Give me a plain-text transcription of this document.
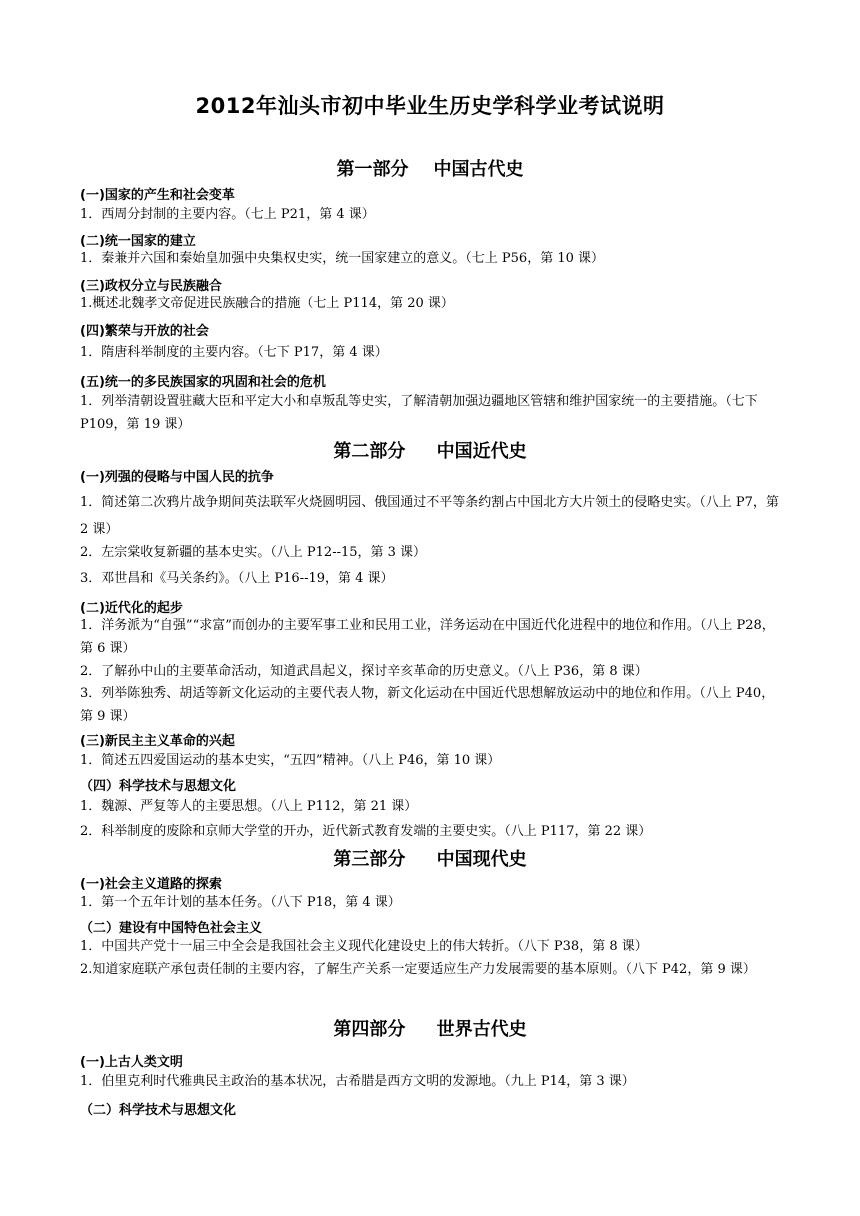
2012年汕头市初中毕业生历史学科学业考试说明
第一部分    中国古代史
(一)国家的产生和社会变革
1．西周分封制的主要内容。（七上 P21，第 4 课）
(二)统一国家的建立
1．秦兼并六国和秦始皇加强中央集权史实，统一国家建立的意义。（七上 P56，第 10 课）
(三)政权分立与民族融合
1.概述北魏孝文帝促进民族融合的措施（七上 P114，第 20 课）
(四)繁荣与开放的社会
1．隋唐科举制度的主要内容。（七下 P17，第 4 课）
(五)统一的多民族国家的巩固和社会的危机
1．列举清朝设置驻藏大臣和平定大小和卓叛乱等史实，了解清朝加强边疆地区管辖和维护国家统一的主要措施。（七下 P109，第 19 课）
第二部分     中国近代史
(一)列强的侵略与中国人民的抗争
1．简述第二次鸦片战争期间英法联军火烧圆明园、俄国通过不平等条约割占中国北方大片领土的侵略史实。（八上 P7，第 2 课）
2．左宗棠收复新疆的基本史实。（八上 P12--15，第 3 课）
3．邓世昌和《马关条约》。（八上 P16--19，第 4 课）
(二)近代化的起步
1．洋务派为“自强”“求富”而创办的主要军事工业和民用工业，洋务运动在中国近代化进程中的地位和作用。（八上 P28，第 6 课）
2．了解孙中山的主要革命活动，知道武昌起义，探讨辛亥革命的历史意义。（八上 P36，第 8 课）
3．列举陈独秀、胡适等新文化运动的主要代表人物，新文化运动在中国近代思想解放运动中的地位和作用。（八上 P40，第 9 课）
(三)新民主主义革命的兴起
1．简述五四爱国运动的基本史实，“五四”精神。（八上 P46，第 10 课）
（四）科学技术与思想文化
1．魏源、严复等人的主要思想。（八上 P112，第 21 课）
2．科举制度的废除和京师大学堂的开办，近代新式教育发端的主要史实。（八上 P117，第 22 课）
第三部分     中国现代史
(一)社会主义道路的探索
1．第一个五年计划的基本任务。（八下 P18，第 4 课）
（二）建设有中国特色社会主义
1．中国共产党十一届三中全会是我国社会主义现代化建设史上的伟大转折。（八下 P38，第 8 课）
2.知道家庭联产承包责任制的主要内容，了解生产关系一定要适应生产力发展需要的基本原则。（八下 P42，第 9 课）
第四部分     世界古代史
(一)上古人类文明
1．伯里克利时代雅典民主政治的基本状况，古希腊是西方文明的发源地。（九上 P14，第 3 课）
（二）科学技术与思想文化
